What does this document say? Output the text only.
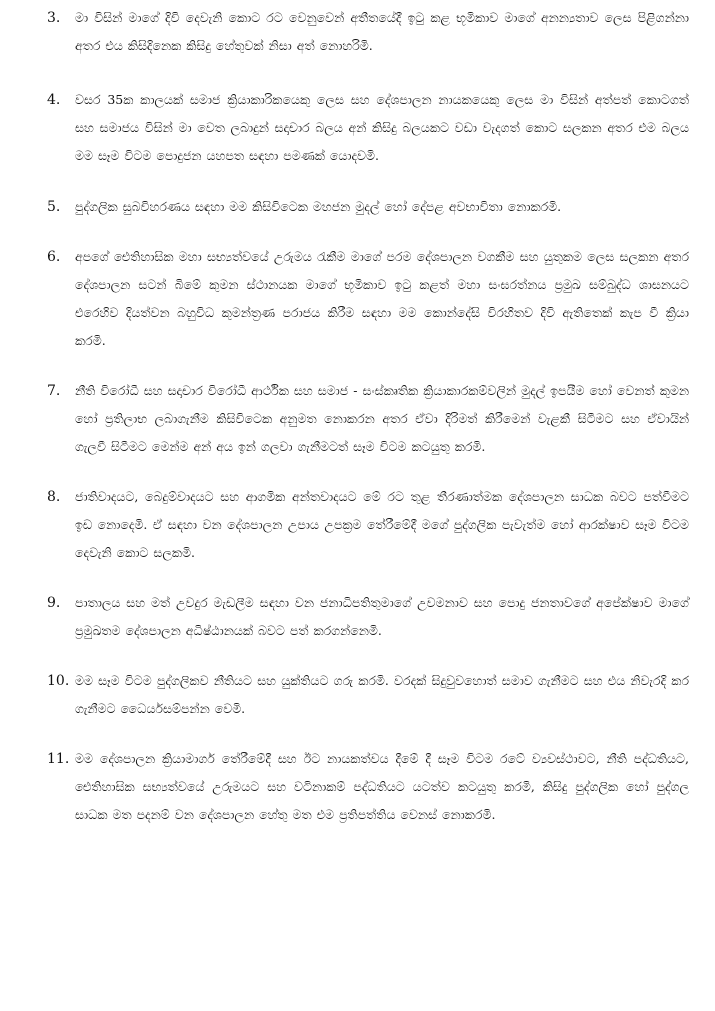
3.	මා විසින් මාගේ දිවි දෙවැනි කොට රට වෙනුවෙන් අතීතයේදී ඉටු කළ භූමිකාව මාගේ අනන්‍යතාව ලෙස පිළිගන්නා අතර එය කිසිදිනෙක කිසිදු හේතුවක් නිසා අත් නොහරිමි.
4.	වසර 35ක කාලයක් සමාජ ක්‍රියාකාරිකයෙකු ලෙස සහ දේශපාලන නායකයෙකු ලෙස මා විසින් අත්පත් කොටගත් සහ සමාජය විසින් මා වෙත ලබාදුන් සදාචාර බලය අන් කිසිදු බලයකට වඩා වැදගත් කොට සලකන අතර එම බලය මම සෑම විටම පොදුජන යහපත සඳහා පමණක් යොදවමි.
5.	පුද්ගලික සුබවිහරණය සඳහා මම කිසිවිටෙක මහජන මුදල් හෝ දේපළ අවභාවිතා නොකරමි.
6.	අපගේ ඓතිහාසික මහා සභ්‍යත්වයේ උරුමය රැකීම මාගේ පරම දේශපාලන වගකීම සහ යුතුකම ලෙස සලකන අතර දේශපාලන සටන් බිමේ කුමන ස්ථානයක මාගේ භූමිකාව ඉටු කළත් මහා සංඝරත්නය ප්‍රමුඛ සම්බුද්ධ ශාසනයට එරෙහිව දියත්වන බහුවිධ කුමන්ත්‍රණ පරාජය කිරීම සඳහා මම කොන්දේසි විරහිතව දිවි ඇතිතෙක් කැප වී ක්‍රියා කරමි.
7.	නීති විරෝධී සහ සදාචාර විරෝධී ආර්ථික සහ සමාජ - සංස්කෘතික ක්‍රියාකාරකම්වලින් මුදල් ඉපයීම හෝ වෙනත් කුමන හෝ ප්‍රතිලාභ ලබාගැනීම කිසිවිටෙක අනුමත නොකරන අතර ඒවා දිරිමත් කිරීමෙන් වැළකී සිටීමට සහ ඒවායින් ගැලවී සිටීමට මෙන්ම අන් අය ඉන් ගලවා ගැනීමටත් සෑම විටම කටයුතු කරමි.
8.	ජාතිවාදයට, බෙදුම්වාදයට සහ ආගමික අන්තවාදයට මේ රට තුළ තීරණාත්මක දේශපාලන සාධක බවට පත්වීමට ඉඩ නොදෙමි. ඒ සඳහා වන දේශපාලන උපාය උපක්‍රම තේරීමේදී මගේ පුද්ගලික පැවැත්ම හෝ ආරක්ෂාව සෑම විටම දෙවැනි කොට සලකමි.
9.	පාතාලය සහ මත් උවදුර මැඩලීම සඳහා වන ජනාධිපතිතුමාගේ උවමනාව සහ පොදු ජනතාවගේ අපේක්ෂාව මාගේ ප්‍රමුඛතම දේශපාලන අධිෂ්ඨානයක් බවට පත් කරගන්නෙමි.
10. මම සෑම විටම පුද්ගලිකව නීතියට සහ යුක්තියට ගරු කරමි. වරදක් සිදුවුවහොත් සමාව ගැනීමට සහ එය නිවැරදි කර ගැනීමට ධෛර්යසම්පන්න වෙමි.
11. මම දේශපාලන ක්‍රියාමාර්ග තේරීමේදී සහ ඊට නායකත්වය දීමේ දී සෑම විටම රටේ ව්‍යවස්ථාවට, නීති පද්ධතියට, ඓතිහාසික සභ්‍යත්වයේ උරුමයට සහ වටිනාකම් පද්ධතියට යටත්ව කටයුතු කරමි, කිසිදු පුද්ගලික හෝ පුද්ගල සාධක මත පදනම් වන දේශපාලන හේතු මත එම ප්‍රතිපත්තිය වෙනස් නොකරමි.
